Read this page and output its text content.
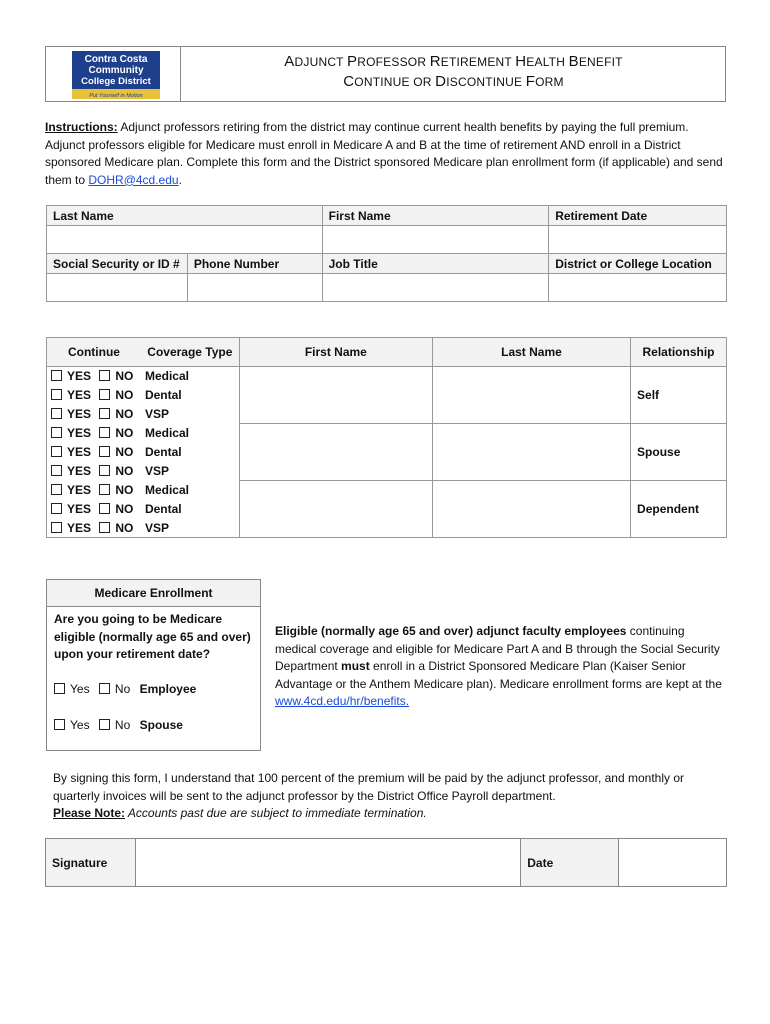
Contra Costa
Community
College District
Put Yourself in Motion
ADJUNCT PROFESSOR RETIREMENT HEALTH BENEFIT
CONTINUE OR DISCONTINUE FORM
Instructions: Adjunct professors retiring from the district may continue current health benefits by paying the full premium. Adjunct professors eligible for Medicare must enroll in Medicare A and B at the time of retirement AND enroll in a District sponsored Medicare plan. Complete this form and the District sponsored Medicare plan enrollment form (if applicable) and send them to DOHR@4cd.edu.
Last Name		First Name	Retirement Date

Social Security or ID #	Phone Number	Job Title	District or College Location

Continue	Coverage Type	First Name	Last Name	Relationship
YES NO	Medical			Self
YES NO	Dental			
YES NO	VSP			
YES NO	Medical			Spouse
YES NO	Dental			
YES NO	VSP			
YES NO	Medical			Dependent
YES NO	Dental			
YES NO	VSP			
Medicare Enrollment
Are you going to be Medicare eligible (normally age 65 and over) upon your retirement date?
Yes No Employee
Yes No Spouse
Eligible (normally age 65 and over) adjunct faculty employees continuing medical coverage and eligible for Medicare Part A and B through the Social Security Department must enroll in a District Sponsored Medicare Plan (Kaiser Senior Advantage or the Anthem Medicare plan). Medicare enrollment forms are kept at the www.4cd.edu/hr/benefits.
By signing this form, I understand that 100 percent of the premium will be paid by the adjunct professor, and monthly or quarterly invoices will be sent to the adjunct professor by the District Office Payroll department.
Please Note: Accounts past due are subject to immediate termination.
Signature		Date	
